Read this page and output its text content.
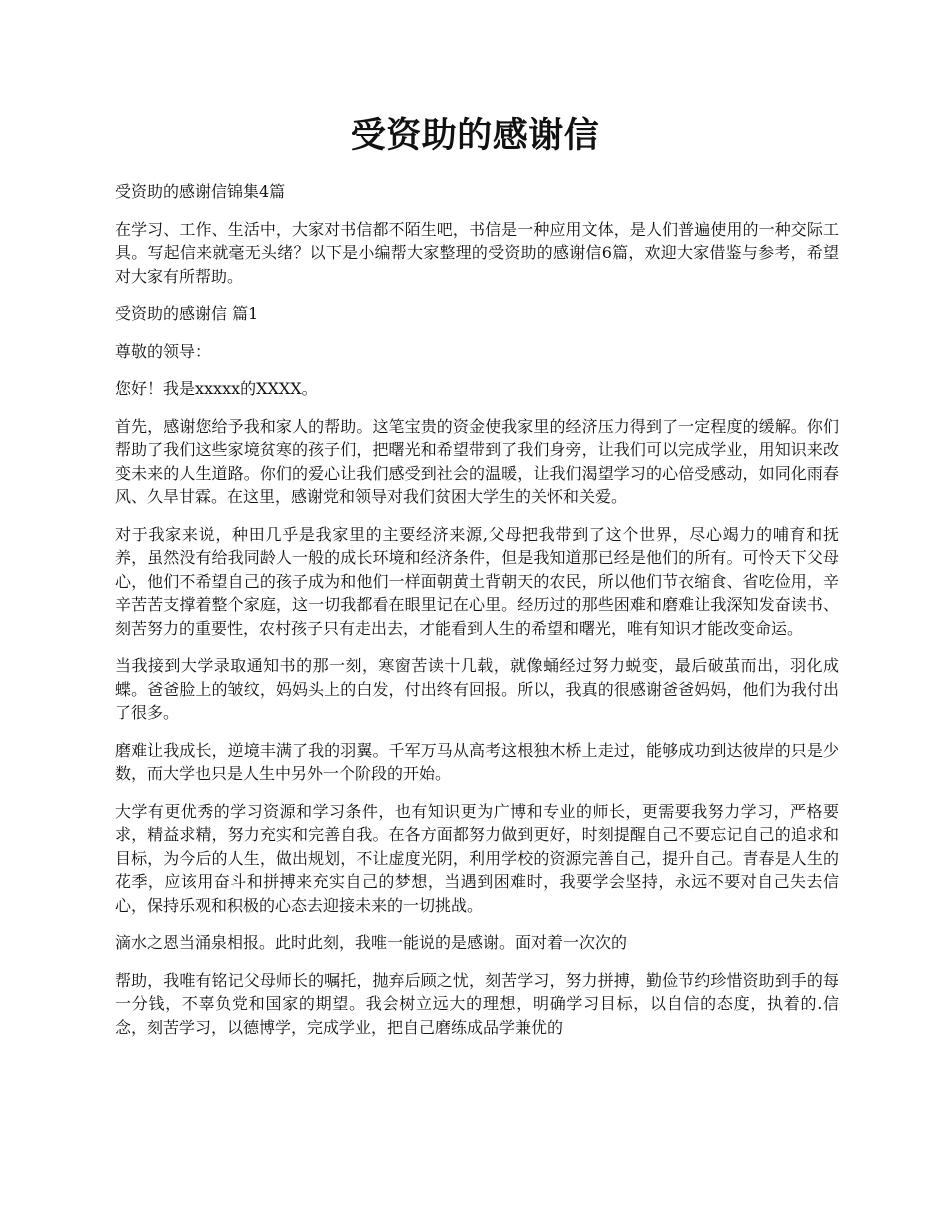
受资助的感谢信

受资助的感谢信锦集4篇

在学习、工作、生活中，大家对书信都不陌生吧，书信是一种应用文体，是人们普遍使用的一种交际工具。写起信来就毫无头绪？以下是小编帮大家整理的受资助的感谢信6篇，欢迎大家借鉴与参考，希望对大家有所帮助。

受资助的感谢信 篇1

尊敬的领导：

您好！我是xxxxx的XXXX。

首先，感谢您给予我和家人的帮助。这笔宝贵的资金使我家里的经济压力得到了一定程度的缓解。你们帮助了我们这些家境贫寒的孩子们，把曙光和希望带到了我们身旁，让我们可以完成学业，用知识来改变未来的人生道路。你们的爱心让我们感受到社会的温暖，让我们渴望学习的心倍受感动，如同化雨春风、久旱甘霖。在这里，感谢党和领导对我们贫困大学生的关怀和关爱。

对于我家来说，种田几乎是我家里的主要经济来源,父母把我带到了这个世界，尽心竭力的哺育和抚养，虽然没有给我同龄人一般的成长环境和经济条件，但是我知道那已经是他们的所有。可怜天下父母心，他们不希望自己的孩子成为和他们一样面朝黄土背朝天的农民，所以他们节衣缩食、省吃俭用，辛辛苦苦支撑着整个家庭，这一切我都看在眼里记在心里。经历过的那些困难和磨难让我深知发奋读书、刻苦努力的重要性，农村孩子只有走出去，才能看到人生的希望和曙光，唯有知识才能改变命运。

当我接到大学录取通知书的那一刻，寒窗苦读十几载，就像蛹经过努力蜕变，最后破茧而出，羽化成蝶。爸爸脸上的皱纹，妈妈头上的白发，付出终有回报。所以，我真的很感谢爸爸妈妈，他们为我付出了很多。

磨难让我成长，逆境丰满了我的羽翼。千军万马从高考这根独木桥上走过，能够成功到达彼岸的只是少数，而大学也只是人生中另外一个阶段的开始。

大学有更优秀的学习资源和学习条件，也有知识更为广博和专业的师长，更需要我努力学习，严格要求，精益求精，努力充实和完善自我。在各方面都努力做到更好，时刻提醒自己不要忘记自己的追求和目标，为今后的人生，做出规划，不让虚度光阴，利用学校的资源完善自己，提升自己。青春是人生的花季，应该用奋斗和拼搏来充实自己的梦想，当遇到困难时，我要学会坚持，永远不要对自己失去信心，保持乐观和积极的心态去迎接未来的一切挑战。

滴水之恩当涌泉相报。此时此刻，我唯一能说的是感谢。面对着一次次的

帮助，我唯有铭记父母师长的嘱托，抛弃后顾之忧，刻苦学习，努力拼搏，勤俭节约珍惜资助到手的每一分钱，不辜负党和国家的期望。我会树立远大的理想，明确学习目标，以自信的态度，执着的.信念，刻苦学习，以德博学，完成学业，把自己磨练成品学兼优的
